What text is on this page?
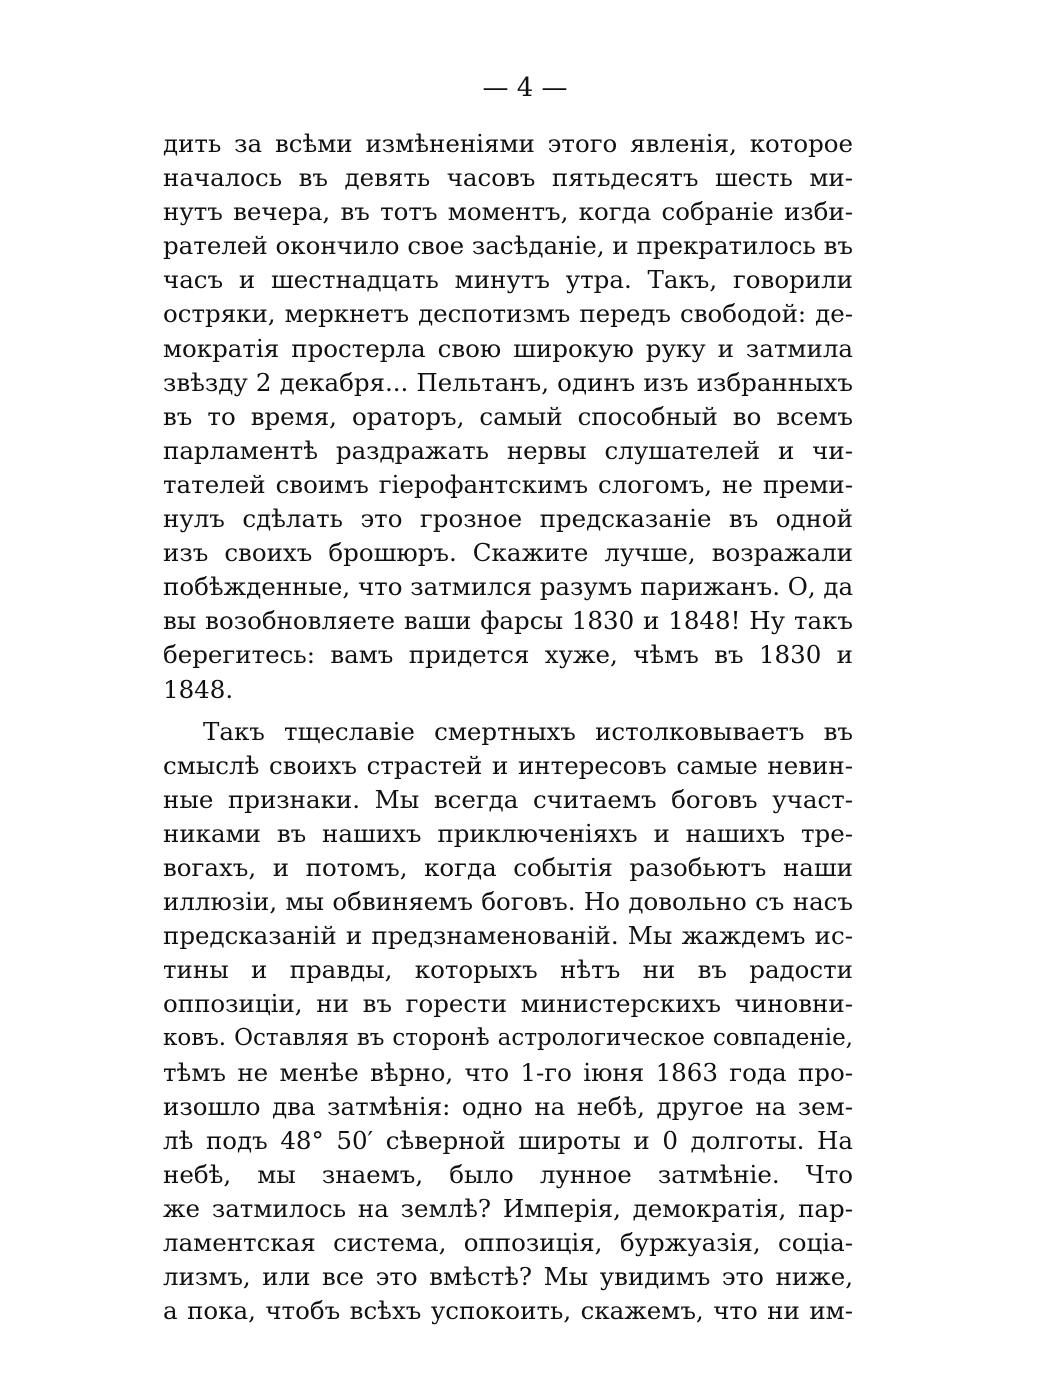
— 4 —
дить за всѣми измѣненіями этого явленія, которое
началось въ девять часовъ пятьдесятъ шесть ми-
нутъ вечера, въ тотъ моментъ, когда собраніе изби-
рателей окончило свое засѣданіе, и прекратилось въ
часъ и шестнадцать минутъ утра. Такъ, говорили
остряки, меркнетъ деспотизмъ передъ свободой: де-
мократія простерла свою широкую руку и затмила
звѣзду 2 декабря... Пельтанъ, одинъ изъ избранныхъ
въ то время, ораторъ, самый способный во всемъ
парламентѣ раздражать нервы слушателей и чи-
тателей своимъ гіерофантскимъ слогомъ, не преми-
нулъ сдѣлать это грозное предсказаніе въ одной
изъ своихъ брошюръ. Скажите лучше, возражали
побѣжденные, что затмился разумъ парижанъ. О, да
вы возобновляете ваши фарсы 1830 и 1848! Ну такъ
берегитесь: вамъ придется хуже, чѣмъ въ 1830 и
1848.
Такъ тщеславіе смертныхъ истолковываетъ въ
смыслѣ своихъ страстей и интересовъ самые невин-
ные признаки. Мы всегда считаемъ боговъ участ-
никами въ нашихъ приключеніяхъ и нашихъ тре-
вогахъ, и потомъ, когда событія разобьютъ наши
иллюзіи, мы обвиняемъ боговъ. Но довольно съ насъ
предсказаній и предзнаменованій. Мы жаждемъ ис-
тины и правды, которыхъ нѣтъ ни въ радости
оппозиціи, ни въ горести министерскихъ чиновни-
ковъ. Оставляя въ сторонѣ астрологическое совпаденіе,
тѣмъ не менѣе вѣрно, что 1-го іюня 1863 года про-
изошло два затмѣнія: одно на небѣ, другое на зем-
лѣ подъ 48° 50′ сѣверной широты и 0 долготы. На
небѣ, мы знаемъ, было лунное затмѣніе. Что
же затмилось на землѣ? Имперія, демократія, пар-
ламентская система, оппозиція, буржуазія, соціа-
лизмъ, или все это вмѣстѣ? Мы увидимъ это ниже,
а пока, чтобъ всѣхъ успокоить, скажемъ, что ни им-
